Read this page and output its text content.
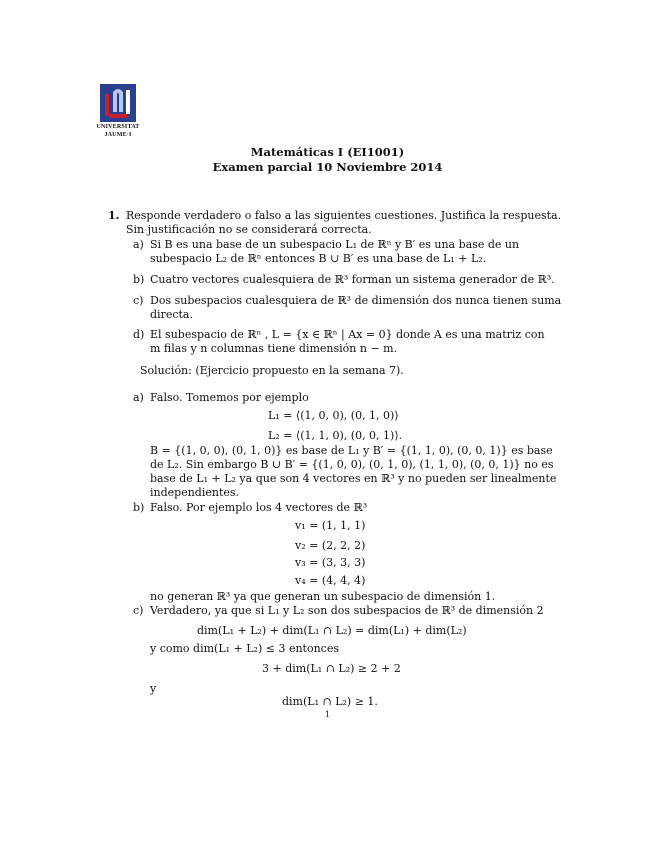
UNIVERSITAT
JAUME·I
Matemáticas I (EI1001)
Examen parcial 10 Noviembre 2014
1. Responde verdadero o falso a las siguientes cuestiones. Justifica la respuesta.
Sin justificación no se considerará correcta.
a) Si B es una base de un subespacio L₁ de ℝⁿ y B′ es una base de un
subespacio L₂ de ℝⁿ entonces B ∪ B′ es una base de L₁ + L₂.
b) Cuatro vectores cualesquiera de ℝ³ forman un sistema generador de ℝ³.
c) Dos subespacios cualesquiera de ℝ³ de dimensión dos nunca tienen suma
directa.
d) El subespacio de ℝⁿ , L = {x ∈ ℝⁿ | Ax = 0} donde A es una matriz con
m filas y n columnas tiene dimensión n − m.
Solución: (Ejercicio propuesto en la semana 7).
a) Falso. Tomemos por ejemplo
L₁ = ⟨(1, 0, 0), (0, 1, 0)⟩
L₂ = ⟨(1, 1, 0), (0, 0, 1)⟩.
B = {(1, 0, 0), (0, 1, 0)} es base de L₁ y B′ = {(1, 1, 0), (0, 0, 1)} es base
de L₂. Sin embargo B ∪ B′ = {(1, 0, 0), (0, 1, 0), (1, 1, 0), (0, 0, 1)} no es
base de L₁ + L₂ ya que son 4 vectores en ℝ³ y no pueden ser linealmente
independientes.
b) Falso. Por ejemplo los 4 vectores de ℝ³
v₁ = (1, 1, 1)
v₂ = (2, 2, 2)
v₃ = (3, 3, 3)
v₄ = (4, 4, 4)
no generan ℝ³ ya que generan un subespacio de dimensión 1.
c) Verdadero, ya que si L₁ y L₂ son dos subespacios de ℝ³ de dimensión 2
dim(L₁ + L₂) + dim(L₁ ∩ L₂) = dim(L₁) + dim(L₂)
y como dim(L₁ + L₂) ≤ 3 entonces
3 + dim(L₁ ∩ L₂) ≥ 2 + 2
y
dim(L₁ ∩ L₂) ≥ 1.
1
